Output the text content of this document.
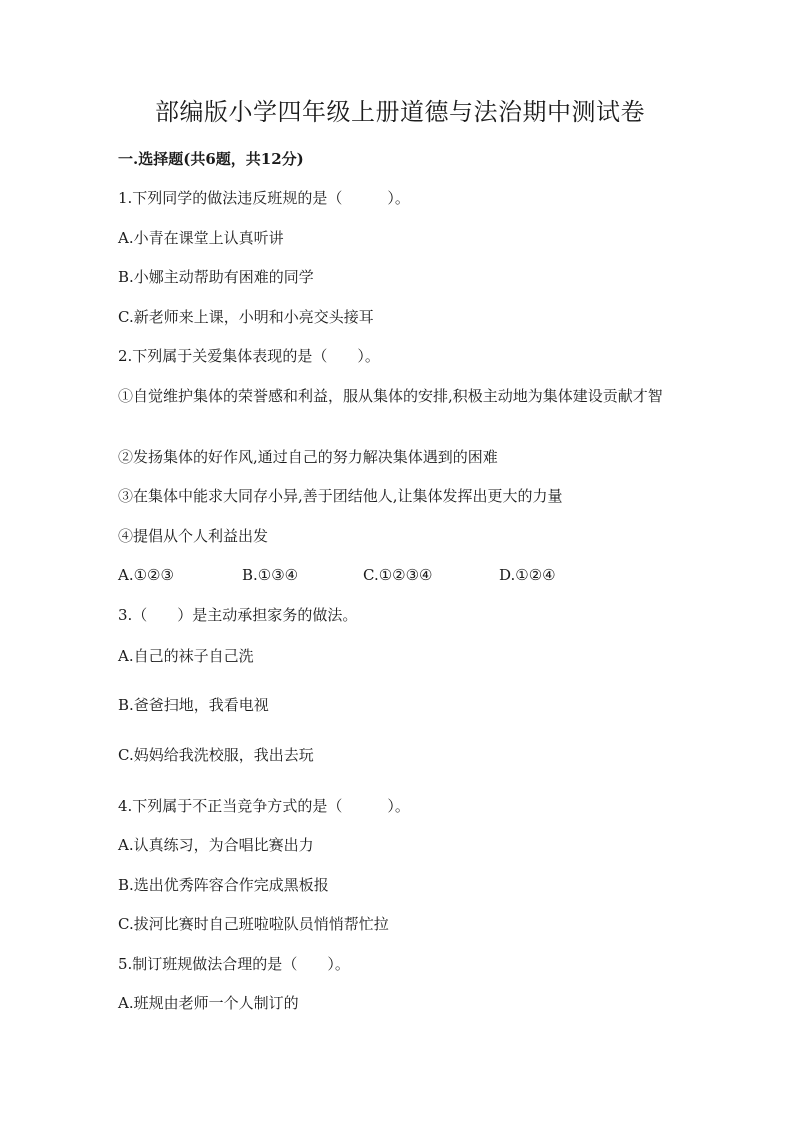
部编版小学四年级上册道德与法治期中测试卷
一.选择题(共6题，共12分)
1.下列同学的做法违反班规的是（　　　）。
A.小青在课堂上认真听讲
B.小娜主动帮助有困难的同学
C.新老师来上课，小明和小亮交头接耳
2.下列属于关爱集体表现的是（　　）。
①自觉维护集体的荣誉感和利益，服从集体的安排,积极主动地为集体建设贡献才智
②发扬集体的好作风,通过自己的努力解决集体遇到的困难
③在集体中能求大同存小异,善于团结他人,让集体发挥出更大的力量
④提倡从个人利益出发
A.①②③	B.①③④	C.①②③④	D.①②④
3.（　　）是主动承担家务的做法。
A.自己的袜子自己洗
B.爸爸扫地，我看电视
C.妈妈给我洗校服，我出去玩
4.下列属于不正当竞争方式的是（　　　）。
A.认真练习，为合唱比赛出力
B.选出优秀阵容合作完成黑板报
C.拔河比赛时自己班啦啦队员悄悄帮忙拉
5.制订班规做法合理的是（　　）。
A.班规由老师一个人制订的
